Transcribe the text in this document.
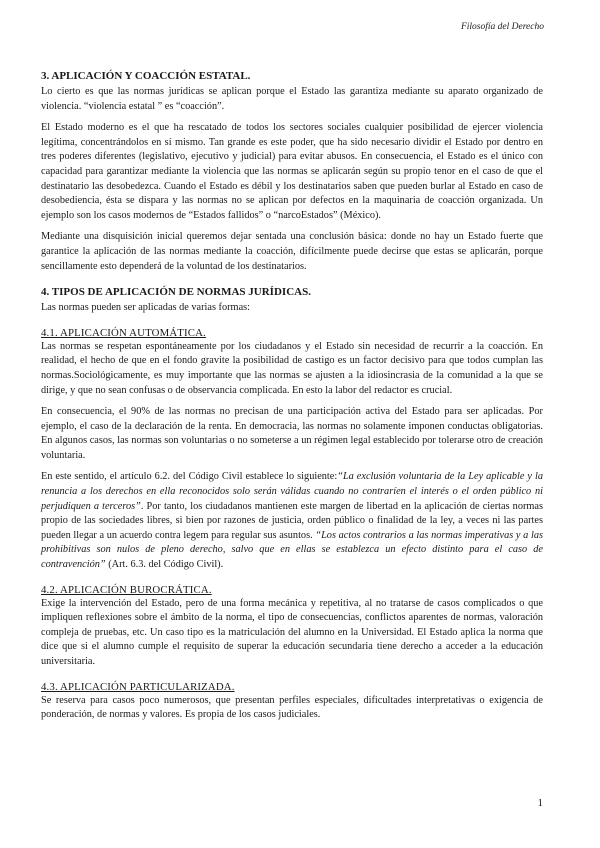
Filosofía del Derecho
3. APLICACIÓN Y COACCIÓN ESTATAL.

Lo cierto es que las normas jurídicas se aplican porque el Estado las garantiza mediante su aparato organizado de violencia. “violencia estatal ” es “coacción”.

El Estado moderno es el que ha rescatado de todos los sectores sociales cualquier posibilidad de ejercer violencia legítima, concentrándolos en sí mismo. Tan grande es este poder, que ha sido necesario dividir el Estado por dentro en tres poderes diferentes (legislativo, ejecutivo y judicial) para evitar abusos. En consecuencia, el Estado es el único con capacidad para garantizar mediante la violencia que las normas se aplicarán según su propio tenor en el caso de que el destinatario las desobedezca. Cuando el Estado es débil y los destinatarios saben que pueden burlar al Estado en caso de desobediencia, ésta se dispara y las normas no se aplican por defectos en la maquinaria de coacción organizada. Un ejemplo son los casos modernos de “Estados fallidos” o “narcoEstados” (México).

Mediante una disquisición inicial queremos dejar sentada una conclusión básica: donde no hay un Estado fuerte que garantice la aplicación de las normas mediante la coacción, difícilmente puede decirse que estas se aplicarán, porque sencillamente esto dependerá de la voluntad de los destinatarios.

4. TIPOS DE APLICACIÓN DE NORMAS JURÍDICAS.

Las normas pueden ser aplicadas de varias formas:

4.1. APLICACIÓN AUTOMÁTICA.

Las normas se respetan espontáneamente por los ciudadanos y el Estado sin necesidad de recurrir a la coacción. En realidad, el hecho de que en el fondo gravite la posibilidad de castigo es un factor decisivo para que todos cumplan las normas.Sociológicamente, es muy importante que las normas se ajusten a la idiosincrasia de la comunidad a la que se dirige, y que no sean confusas o de observancia complicada. En esto la labor del redactor es crucial.

En consecuencia, el 90% de las normas no precisan de una participación activa del Estado para ser aplicadas. Por ejemplo, el caso de la declaración de la renta. En democracia, las normas no solamente imponen conductas obligatorias. En algunos casos, las normas son voluntarias o no someterse a un régimen legal establecido por tolerarse otro de creación voluntaria.

En este sentido, el artículo 6.2. del Código Civil establece lo siguiente:“La exclusión voluntaria de la Ley aplicable y la renuncia a los derechos en ella reconocidos solo serán válidas cuando no contraríen el interés o el orden público ni perjudiquen a terceros”. Por tanto, los ciudadanos mantienen este margen de libertad en la aplicación de ciertas normas propio de las sociedades libres, si bien por razones de justicia, orden público o finalidad de la ley, a veces ni las partes pueden llegar a un acuerdo contra legem para regular sus asuntos. “Los actos contrarios a las normas imperativas y a las prohibitivas son nulos de pleno derecho, salvo que en ellas se establezca un efecto distinto para el caso de contravención” (Art. 6.3. del Código Civil).

4.2. APLICACIÓN BUROCRÁTICA.

Exige la intervención del Estado, pero de una forma mecánica y repetitiva, al no tratarse de casos complicados o que impliquen reflexiones sobre el ámbito de la norma, el tipo de consecuencias, conflictos aparentes de normas, valoración compleja de pruebas, etc. Un caso tipo es la matriculación del alumno en la Universidad. El Estado aplica la norma que dice que si el alumno cumple el requisito de superar la educación secundaria tiene derecho a acceder a la educación universitaria.

4.3. APLICACIÓN PARTICULARIZADA.

Se reserva para casos poco numerosos, que presentan perfiles especiales, dificultades interpretativas o exigencia de ponderación, de normas y valores. Es propia de los casos judiciales.

1
